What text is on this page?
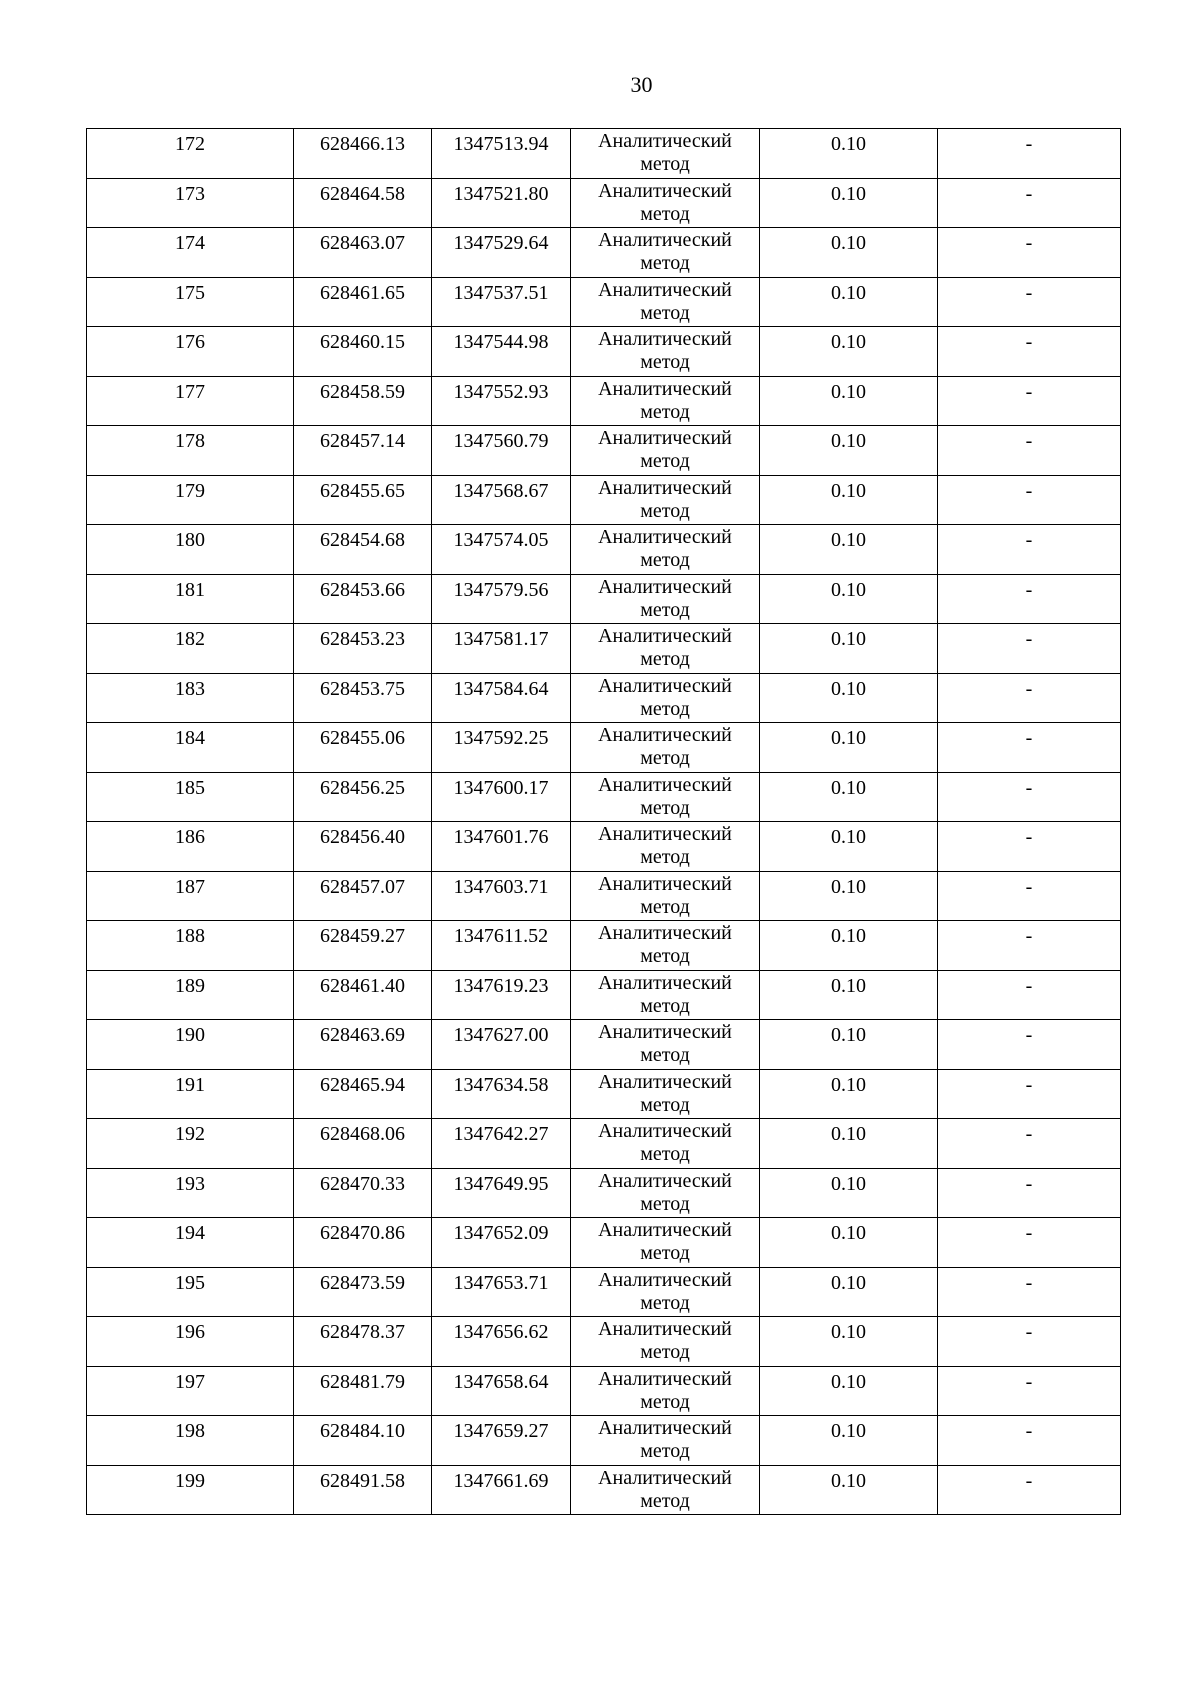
30
172	628466.13	1347513.94	Аналитический метод	0.10	-

173	628464.58	1347521.80	Аналитический метод	0.10	-

174	628463.07	1347529.64	Аналитический метод	0.10	-

175	628461.65	1347537.51	Аналитический метод	0.10	-

176	628460.15	1347544.98	Аналитический метод	0.10	-

177	628458.59	1347552.93	Аналитический метод	0.10	-

178	628457.14	1347560.79	Аналитический метод	0.10	-

179	628455.65	1347568.67	Аналитический метод	0.10	-

180	628454.68	1347574.05	Аналитический метод	0.10	-

181	628453.66	1347579.56	Аналитический метод	0.10	-

182	628453.23	1347581.17	Аналитический метод	0.10	-

183	628453.75	1347584.64	Аналитический метод	0.10	-

184	628455.06	1347592.25	Аналитический метод	0.10	-

185	628456.25	1347600.17	Аналитический метод	0.10	-

186	628456.40	1347601.76	Аналитический метод	0.10	-

187	628457.07	1347603.71	Аналитический метод	0.10	-

188	628459.27	1347611.52	Аналитический метод	0.10	-

189	628461.40	1347619.23	Аналитический метод	0.10	-

190	628463.69	1347627.00	Аналитический метод	0.10	-

191	628465.94	1347634.58	Аналитический метод	0.10	-

192	628468.06	1347642.27	Аналитический метод	0.10	-

193	628470.33	1347649.95	Аналитический метод	0.10	-

194	628470.86	1347652.09	Аналитический метод	0.10	-

195	628473.59	1347653.71	Аналитический метод	0.10	-

196	628478.37	1347656.62	Аналитический метод	0.10	-

197	628481.79	1347658.64	Аналитический метод	0.10	-

198	628484.10	1347659.27	Аналитический метод	0.10	-

199	628491.58	1347661.69	Аналитический метод	0.10	-
